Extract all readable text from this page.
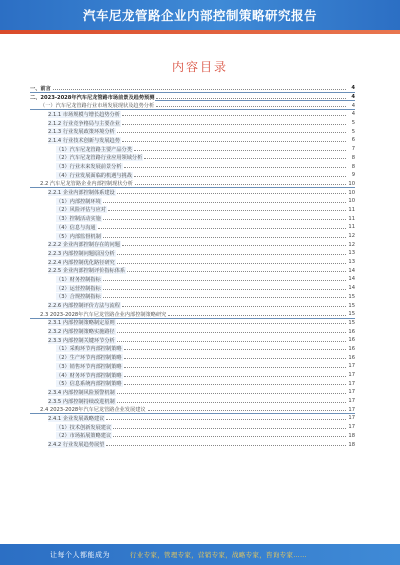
汽车尼龙管路企业内部控制策略研究报告
内容目录
一、前言	4
二、2023-2028年汽车尼龙管路市场前景及趋势预测	4
（一）汽车尼龙管路行业市场发展现状及趋势分析	4
2.1.1 市场规模与增长趋势分析	4
2.1.2 行业竞争格局与主要企业	5
2.1.3 行业发展政策环境分析	5
2.1.4 行业技术创新与发展趋势	6
（1）汽车尼龙管路主要产品分类	7
（2）汽车尼龙管路行业应用领域分析	8
（3）行业未来发展前景分析	8
（4）行业发展面临的机遇与挑战	9
2.2 汽车尼龙管路企业内部控制现状分析	10
2.2.1 企业内部控制体系建设	10
（1）内部控制环境	10
（2）风险评估与应对	11
（3）控制活动实施	11
（4）信息与沟通	11
（5）内部监督机制	12
2.2.2 企业内部控制存在的问题	12
2.2.3 内部控制问题原因分析	13
2.2.4 内部控制优化路径研究	13
2.2.5 企业内部控制评价指标体系	14
（1）财务控制指标	14
（2）运营控制指标	14
（3）合规控制指标	15
2.2.6 内部控制评价方法与流程	15
2.3 2023-2028年汽车尼龙管路企业内部控制策略研究	15
2.3.1 内部控制策略制定原则	15
2.3.2 内部控制策略实施路径	16
2.3.3 内部控制关键环节分析	16
（1）采购环节内部控制策略	16
（2）生产环节内部控制策略	16
（3）销售环节内部控制策略	17
（4）财务环节内部控制策略	17
（5）信息系统内部控制策略	17
2.3.4 内部控制风险预警机制	17
2.3.5 内部控制持续改进机制	17
2.4 2023-2028年汽车尼龙管路企业发展建议	17
2.4.1 企业发展战略建议	17
（1）技术创新发展建议	17
（2）市场拓展策略建议	18
2.4.2 行业发展趋势展望	18
让每个人都能成为	行业专家，管理专家，营销专家，战略专家，咨询专家……
